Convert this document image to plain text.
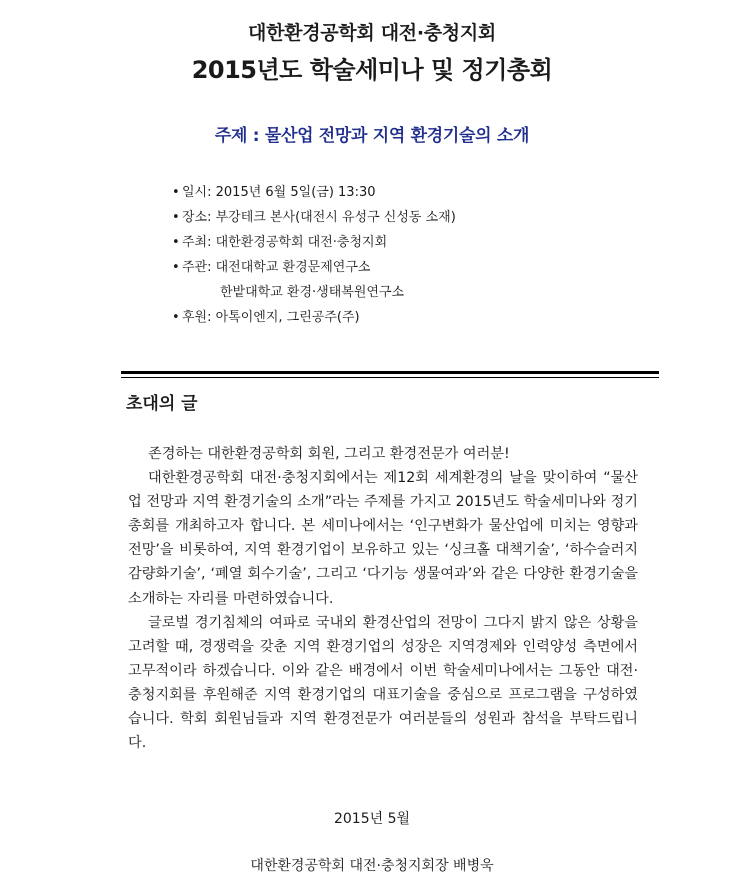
대한환경공학회 대전·충청지회
2015년도 학술세미나 및 정기총회
주제 : 물산업 전망과 지역 환경기술의 소개
• 일시: 2015년 6월 5일(금) 13:30
• 장소: 부강테크 본사(대전시 유성구 신성동 소재)
• 주최: 대한환경공학회 대전·충청지회
• 주관: 대전대학교 환경문제연구소
한밭대학교 환경·생태복원연구소
• 후원: 아톡이엔지, 그린공주(주)
초대의 글

존경하는 대한환경공학회 회원, 그리고 환경전문가 여러분!

대한환경공학회 대전·충청지회에서는 제12회 세계환경의 날을 맞이하여 “물산업 전망과 지역 환경기술의 소개”라는 주제를 가지고 2015년도 학술세미나와 정기총회를 개최하고자 합니다. 본 세미나에서는 ‘인구변화가 물산업에 미치는 영향과 전망’을 비롯하여, 지역 환경기업이 보유하고 있는 ‘싱크홀 대책기술’, ‘하수슬러지 감량화기술’, ‘폐열 회수기술’, 그리고 ‘다기능 생물여과’와 같은 다양한 환경기술을 소개하는 자리를 마련하였습니다.

글로벌 경기침체의 여파로 국내외 환경산업의 전망이 그다지 밝지 않은 상황을 고려할 때, 경쟁력을 갖춘 지역 환경기업의 성장은 지역경제와 인력양성 측면에서 고무적이라 하겠습니다. 이와 같은 배경에서 이번 학술세미나에서는 그동안 대전·충청지회를 후원해준 지역 환경기업의 대표기술을 중심으로 프로그램을 구성하였습니다. 학회 회원님들과 지역 환경전문가 여러분들의 성원과 참석을 부탁드립니다.

2015년 5월
대한환경공학회 대전·충청지회장 배병욱
